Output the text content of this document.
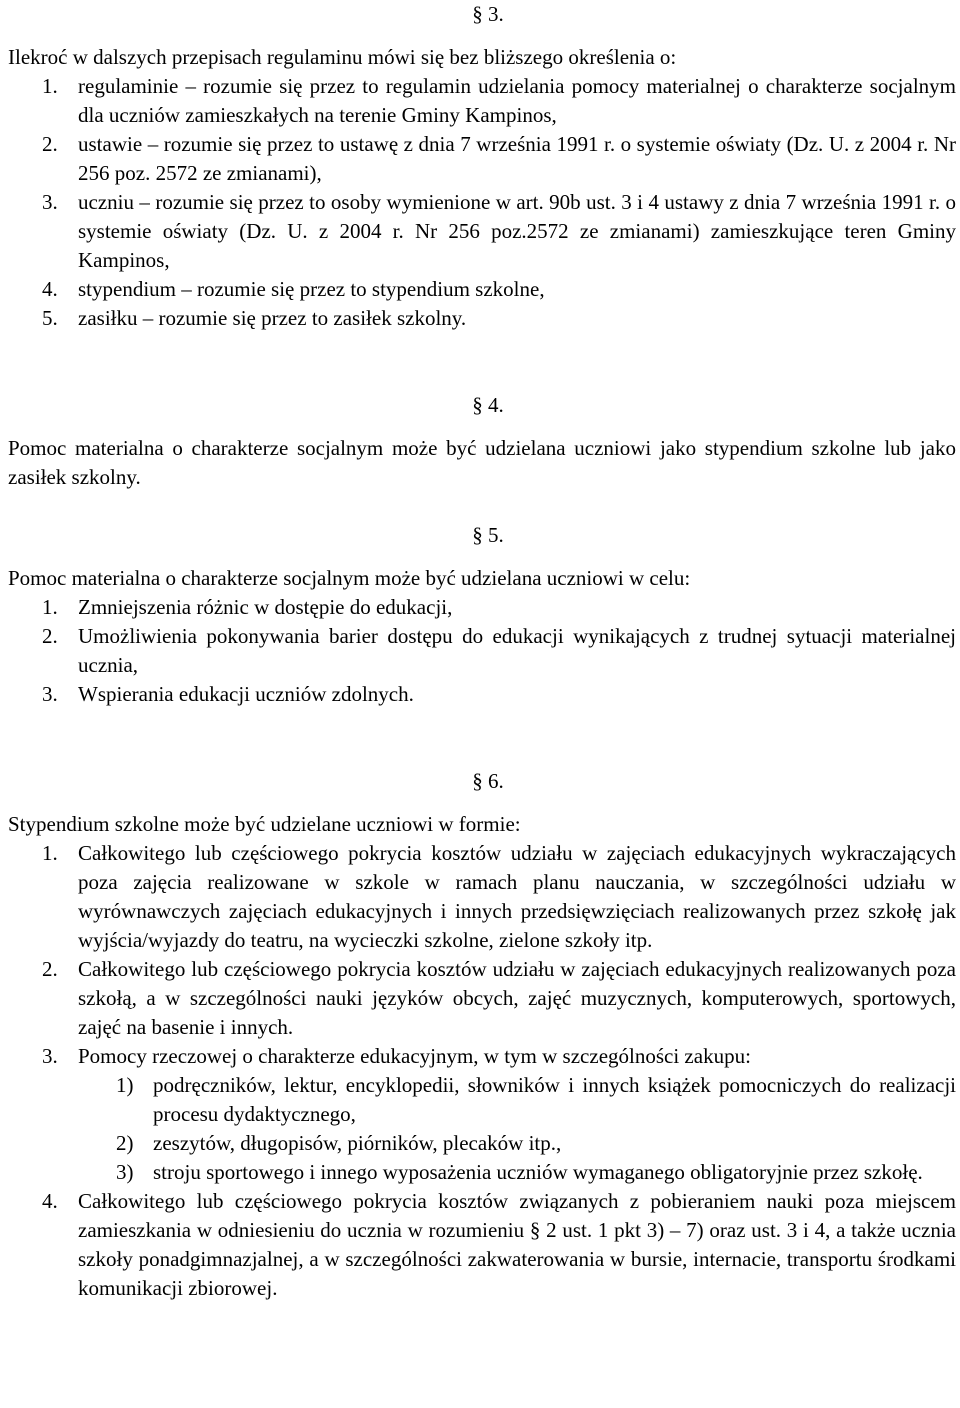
§ 3.

Ilekroć w dalszych przepisach regulaminu mówi się bez bliższego określenia o:

1. regulaminie – rozumie się przez to regulamin udzielania pomocy materialnej o charakterze socjalnym dla uczniów zamieszkałych na terenie Gminy Kampinos,
2. ustawie – rozumie się przez to ustawę z dnia 7 września 1991 r. o systemie oświaty (Dz. U. z 2004 r. Nr 256 poz. 2572 ze zmianami),
3. uczniu – rozumie się przez to osoby wymienione w art. 90b ust. 3 i 4 ustawy z dnia 7 września 1991 r. o systemie oświaty (Dz. U. z 2004 r. Nr 256 poz.2572 ze zmianami) zamieszkujące teren Gminy Kampinos,
4. stypendium – rozumie się przez to stypendium szkolne,
5. zasiłku – rozumie się przez to zasiłek szkolny.
§ 4.

Pomoc materialna o charakterze socjalnym może być udzielana uczniowi jako stypendium szkolne lub jako zasiłek szkolny.

§ 5.

Pomoc materialna o charakterze socjalnym może być udzielana uczniowi w celu:

1. Zmniejszenia różnic w dostępie do edukacji,
2. Umożliwienia pokonywania barier dostępu do edukacji wynikających z trudnej sytuacji materialnej ucznia,
3. Wspierania edukacji uczniów zdolnych.
§ 6.

Stypendium szkolne może być udzielane uczniowi w formie:

1. Całkowitego lub częściowego pokrycia kosztów udziału w zajęciach edukacyjnych wykraczających poza zajęcia realizowane w szkole w ramach planu nauczania, w szczególności udziału w wyrównawczych zajęciach edukacyjnych i innych przedsięwzięciach realizowanych przez szkołę jak wyjścia/wyjazdy do teatru, na wycieczki szkolne, zielone szkoły itp.
2. Całkowitego lub częściowego pokrycia kosztów udziału w zajęciach edukacyjnych realizowanych poza szkołą, a w szczególności nauki języków obcych, zajęć muzycznych, komputerowych, sportowych, zajęć na basenie i innych.
3. Pomocy rzeczowej o charakterze edukacyjnym, w tym w szczególności zakupu:
1) podręczników, lektur, encyklopedii, słowników i innych książek pomocniczych do realizacji procesu dydaktycznego,
2) zeszytów, długopisów, piórników, plecaków itp.,
3) stroju sportowego i innego wyposażenia uczniów wymaganego obligatoryjnie przez szkołę.
4. Całkowitego lub częściowego pokrycia kosztów związanych z pobieraniem nauki poza miejscem zamieszkania w odniesieniu do ucznia w rozumieniu § 2 ust. 1 pkt 3) – 7) oraz ust. 3 i 4, a także ucznia szkoły ponadgimnazjalnej, a w szczególności zakwaterowania w bursie, internacie, transportu środkami komunikacji zbiorowej.
